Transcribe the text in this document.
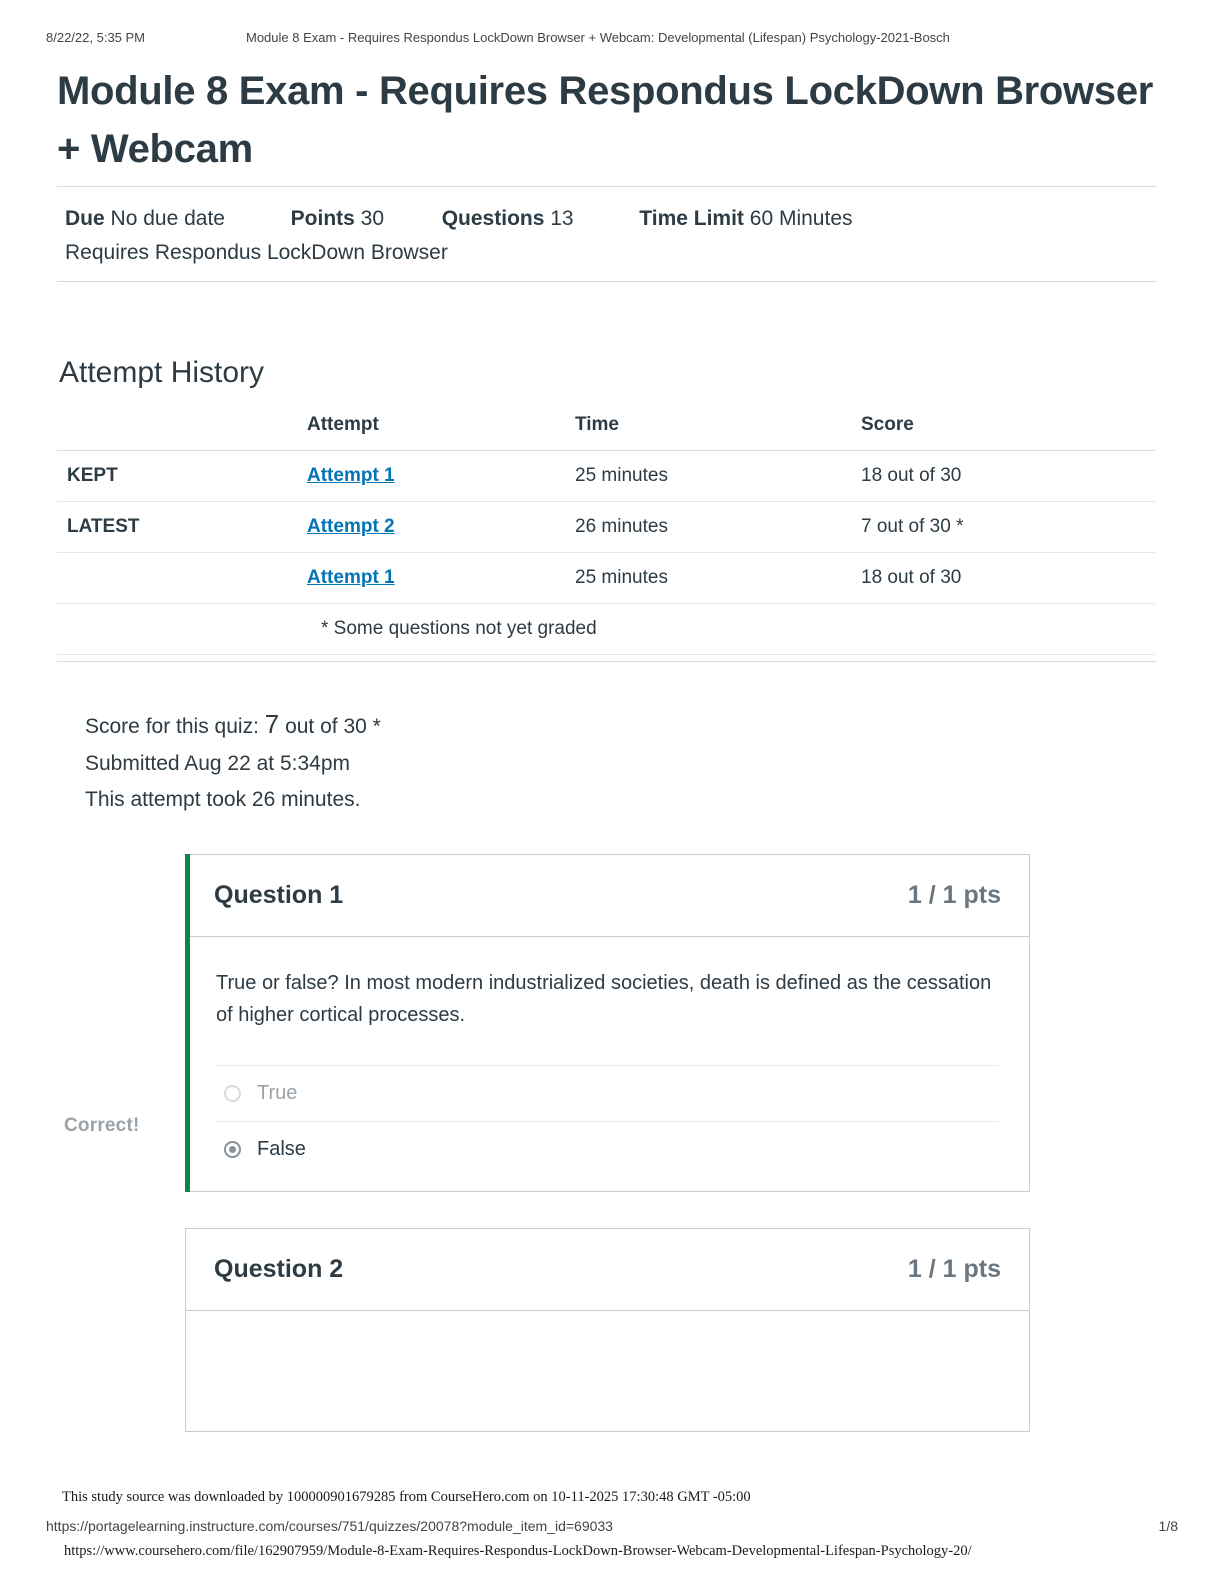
8/22/22, 5:35 PM	Module 8 Exam - Requires Respondus LockDown Browser + Webcam: Developmental (Lifespan) Psychology-2021-Bosch
Module 8 Exam - Requires Respondus LockDown Browser + Webcam
Due No due date	Points 30	Questions 13	Time Limit 60 Minutes
Requires Respondus LockDown Browser
Attempt History
	Attempt	Time	Score
KEPT	Attempt 1	25 minutes	18 out of 30
LATEST	Attempt 2	26 minutes	7 out of 30 *
	Attempt 1	25 minutes	18 out of 30
	* Some questions not yet graded		
Score for this quiz: 7 out of 30 *
Submitted Aug 22 at 5:34pm
This attempt took 26 minutes.
Correct!
Question 1	1 / 1 pts
True or false? In most modern industrialized societies, death is defined as the cessation of higher cortical processes.
True
False
Question 2	1 / 1 pts
This study source was downloaded by 100000901679285 from CourseHero.com on 10-11-2025 17:30:48 GMT -05:00
https://portagelearning.instructure.com/courses/751/quizzes/20078?module_item_id=69033	1/8
https://www.coursehero.com/file/162907959/Module-8-Exam-Requires-Respondus-LockDown-Browser-Webcam-Developmental-Lifespan-Psychology-20/
